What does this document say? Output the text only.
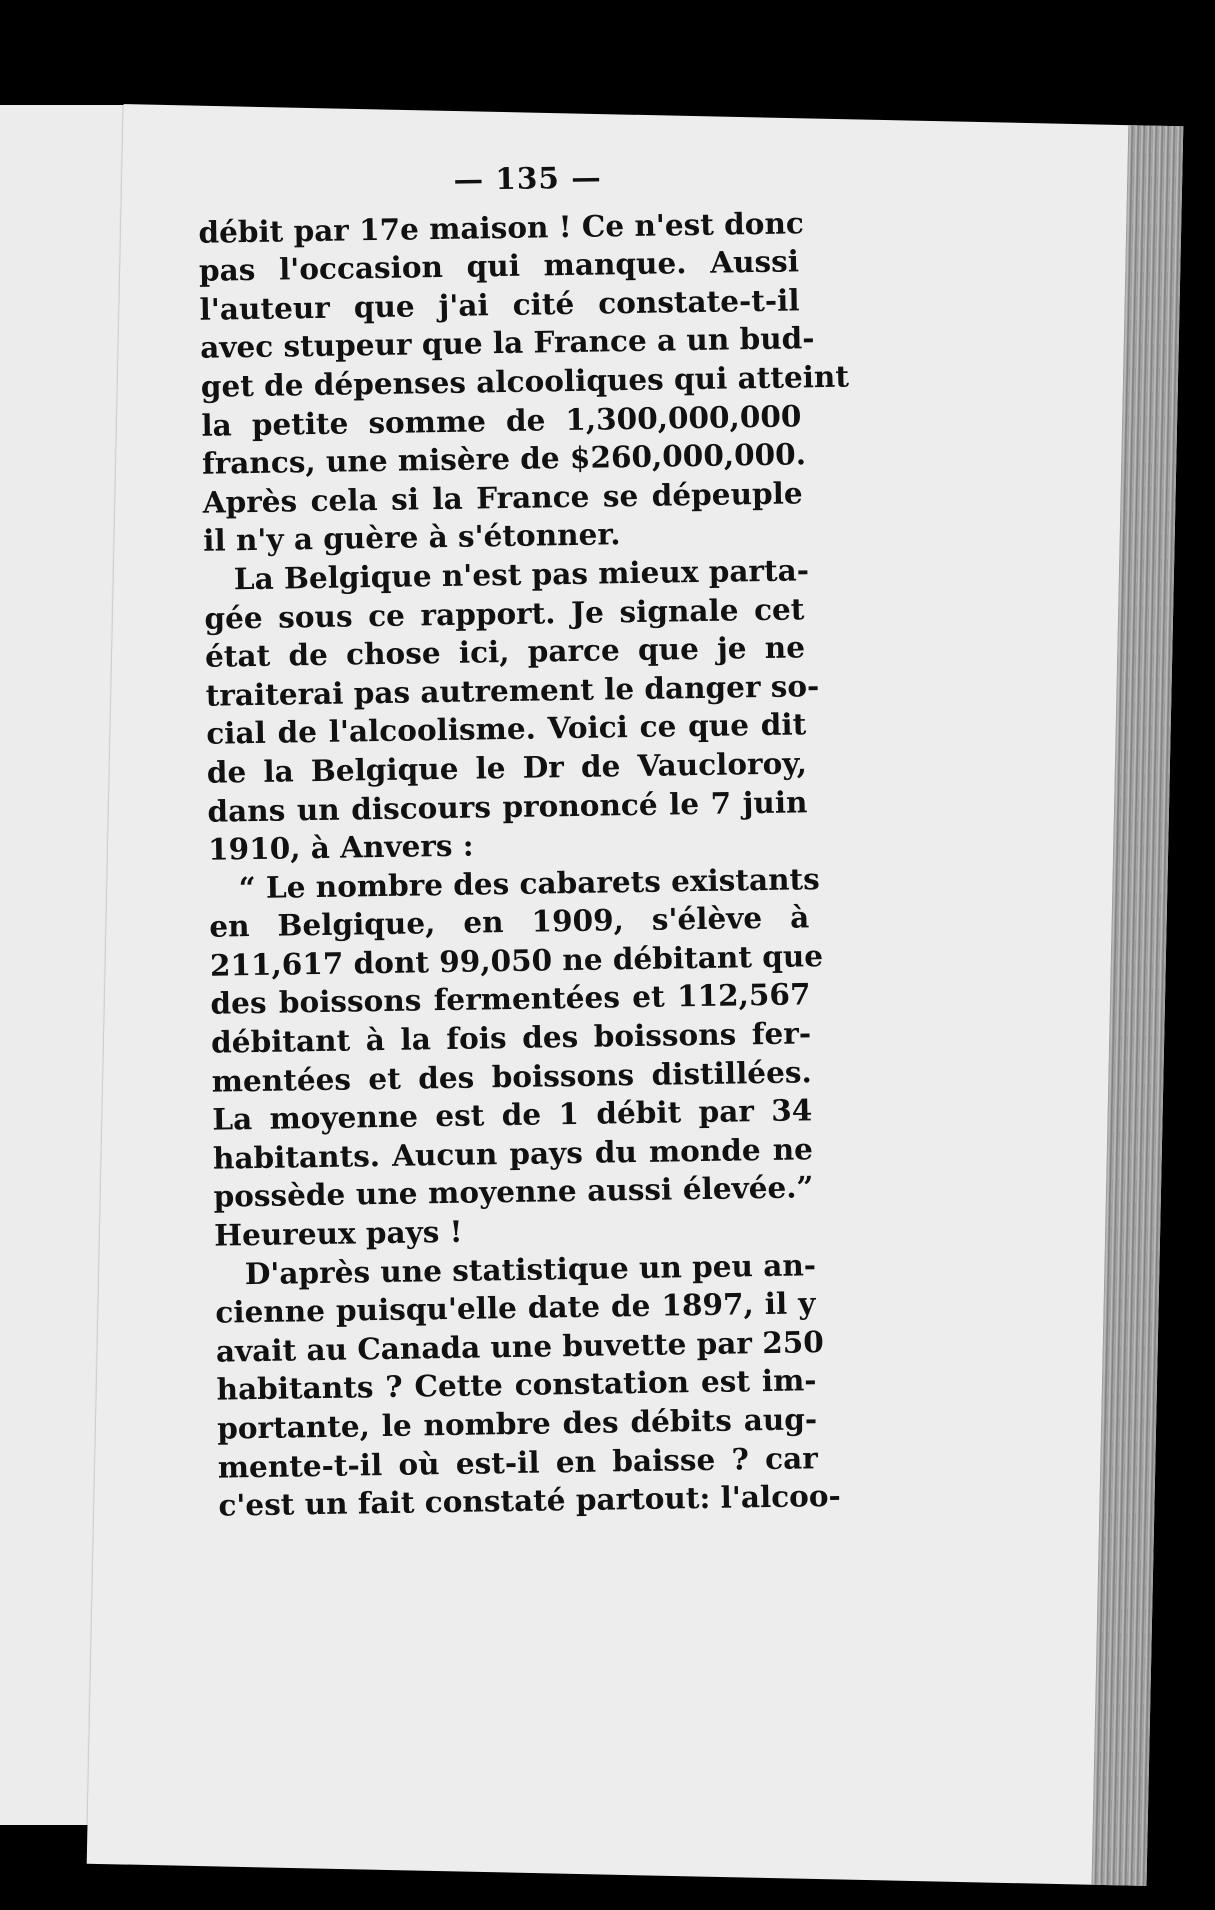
— 135 —
débit par 17e maison ! Ce n'est donc
pas l'occasion qui manque. Aussi
l'auteur que j'ai cité constate-t-il
avec stupeur que la France a un bud-
get de dépenses alcooliques qui atteint
la petite somme de 1,300,000,000
francs, une misère de $260,000,000.
Après cela si la France se dépeuple
il n'y a guère à s'étonner.
La Belgique n'est pas mieux parta-
gée sous ce rapport. Je signale cet
état de chose ici, parce que je ne
traiterai pas autrement le danger so-
cial de l'alcoolisme. Voici ce que dit
de la Belgique le Dr de Vaucloroy,
dans un discours prononcé le 7 juin
1910, à Anvers :
“ Le nombre des cabarets existants
en Belgique, en 1909, s'élève à
211,617 dont 99,050 ne débitant que
des boissons fermentées et 112,567
débitant à la fois des boissons fer-
mentées et des boissons distillées.
La moyenne est de 1 débit par 34
habitants. Aucun pays du monde ne
possède une moyenne aussi élevée.”
Heureux pays !
D'après une statistique un peu an-
cienne puisqu'elle date de 1897, il y
avait au Canada une buvette par 250
habitants ? Cette constation est im-
portante, le nombre des débits aug-
mente-t-il où est-il en baisse ? car
c'est un fait constaté partout: l'alcoo-
